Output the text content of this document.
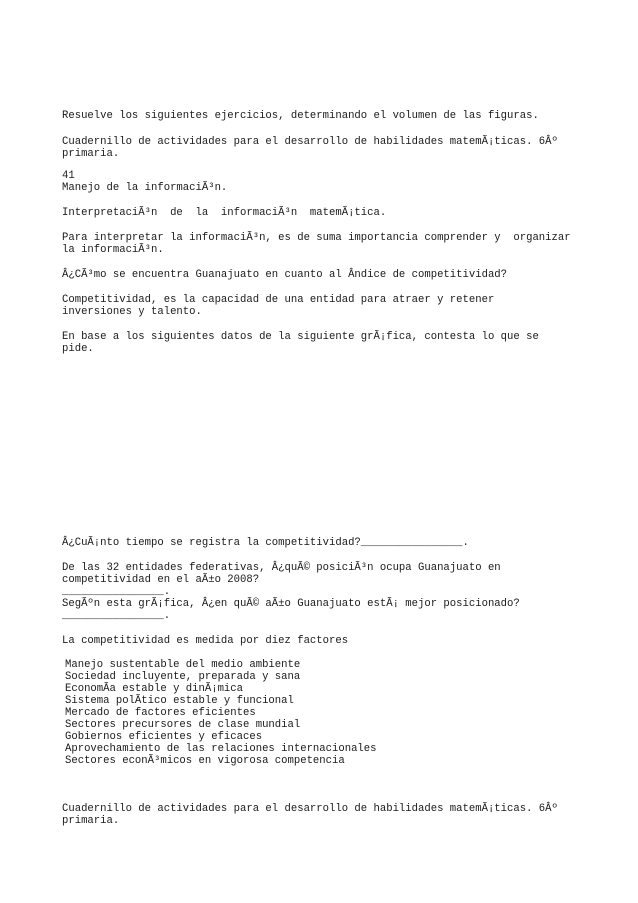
Resuelve los siguientes ejercicios, determinando el volumen de las figuras.
Cuadernillo de actividades para el desarrollo de habilidades matemÃ¡ticas. 6Âº
primaria.
41
Manejo de la informaciÃ³n.
InterpretaciÃ³n  de  la  informaciÃ³n  matemÃ¡tica.
Para interpretar la informaciÃ³n, es de suma importancia comprender y  organizar
la informaciÃ³n.
Â¿CÃ³mo se encuentra Guanajuato en cuanto al Ândice de competitividad?
Competitividad, es la capacidad de una entidad para atraer y retener
inversiones y talento.
En base a los siguientes datos de la siguiente grÃ¡fica, contesta lo que se
pide.
Â¿CuÃ¡nto tiempo se registra la competitividad?________________.
De las 32 entidades federativas, Â¿quÃ© posiciÃ³n ocupa Guanajuato en
competitividad en el aÃ±o 2008?
________________.
SegÃºn esta grÃ¡fica, Â¿en quÃ© aÃ±o Guanajuato estÃ¡ mejor posicionado?
________________.
La competitividad es medida por diez factores
Manejo sustentable del medio ambiente
Sociedad incluyente, preparada y sana
EconomÃa estable y dinÃ¡mica
Sistema polÃtico estable y funcional
Mercado de factores eficientes
Sectores precursores de clase mundial
Gobiernos eficientes y eficaces
Aprovechamiento de las relaciones internacionales
Sectores econÃ³micos en vigorosa competencia
Cuadernillo de actividades para el desarrollo de habilidades matemÃ¡ticas. 6Âº
primaria.
